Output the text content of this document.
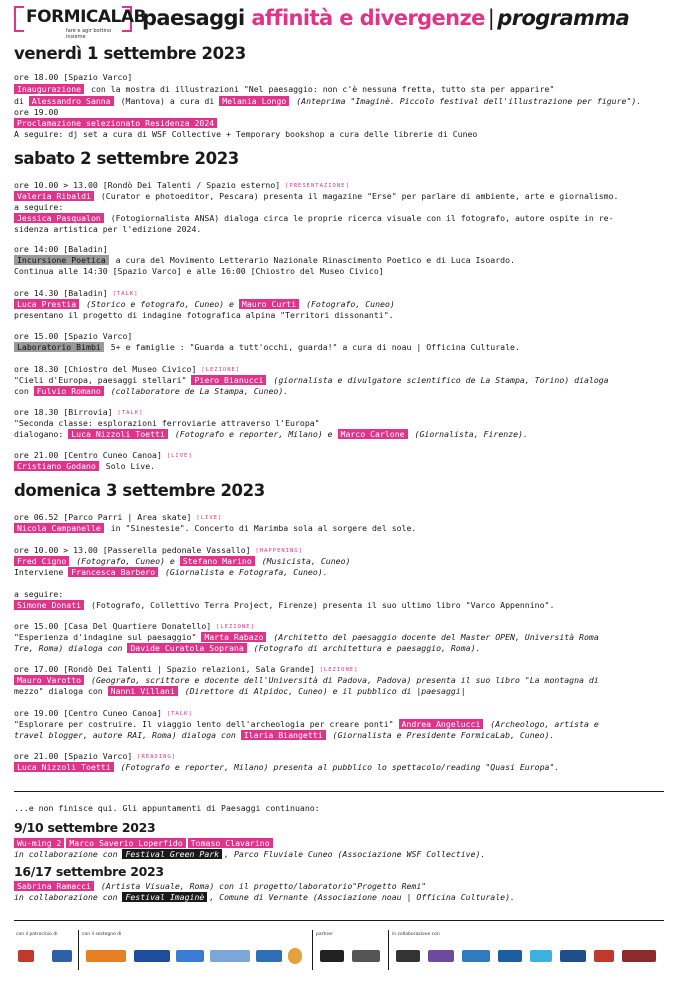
FORMICALAB
fare e agir bottino insieme
paesaggi affinità e divergenze | programma
venerdì 1 settembre 2023
ore 18.00 [Spazio Varco]
Inaugurazione con la mostra di illustrazioni "Nel paesaggio: non c'è nessuna fretta, tutto sta per apparire"
di Alessandro Sanna (Mantova) a cura di Melania Longo (Anteprima "Imaginè. Piccolo festival dell'illustrazione per figure").
ore 19.00
Proclamazione selezionato Residenza 2024
A seguire: dj set a cura di WSF Collective + Temporary bookshop a cura delle librerie di Cuneo
sabato 2 settembre 2023
ore 10.00 > 13.00 [Rondò Dei Talenti / Spazio esterno] [PRESENTAZIONE]
Valeria Ribaldi (Curator e photoeditor, Pescara) presenta il magazine "Erse" per parlare di ambiente, arte e giornalismo.
a seguire:
Jessica Pasqualon (Fotogiornalista ANSA) dialoga circa le proprie ricerca visuale con il fotografo, autore ospite in re-
sidenza artistica per l'edizione 2024.
ore 14:00 [Baladin]
Incursione Poetica a cura del Movimento Letterario Nazionale Rinascimento Poetico e di Luca Isoardo.
Continua alle 14:30 [Spazio Varco] e alle 16:00 [Chiostro del Museo Civico]
ore 14.30 [Baladin] [TALK]
Luca Prestia (Storico e fotografo, Cuneo) e Mauro Curti (Fotografo, Cuneo)
presentano il progetto di indagine fotografica alpina "Territori dissonanti".
ore 15.00 [Spazio Varco]
Laboratorio Bimbi 5+ e famiglie : "Guarda a tutt'occhi, guarda!" a cura di noau | Officina Culturale.
ore 18.30 [Chiostro del Museo Civico] [LEZIONE]
"Cieli d'Europa, paesaggi stellari" Piero Bianucci (giornalista e divulgatore scientifico de La Stampa, Torino) dialoga
con Fulvio Romano (collaboratore de La Stampa, Cuneo).
ore 18.30 [Birrovia] [TALK]
"Seconda classe: esplorazioni ferroviarie attraverso l'Europa"
dialogano: Luca Nizzoli Toetti (Fotografo e reporter, Milano) e Marco Carlone (Giornalista, Firenze).
ore 21.00 [Centro Cuneo Canoa] [LIVE]
Cristiano Godano Solo Live.
domenica 3 settembre 2023
ore 06.52 [Parco Parri | Area skate] [LIVE]
Nicola Campanelle in "Sinestesie". Concerto di Marimba sola al sorgere del sole.
ore 10.00 > 13.00 [Passerella pedonale Vassallo] [HAPPENING]
Fred Cigno (Fotografo, Cuneo) e Stefano Marino (Musicista, Cuneo)
Interviene Francesca Barbero (Giornalista e Fotografa, Cuneo).
a seguire:
Simone Donati (Fotografo, Collettivo Terra Project, Firenze) presenta il suo ultimo libro "Varco Appennino".
ore 15.00 [Casa Del Quartiere Donatello] [LEZIONE]
"Esperienza d'indagine sul paesaggio" Marta Rabazo (Architetto del paesaggio docente del Master OPEN, Università Roma
Tre, Roma) dialoga con Davide Curatola Soprana (Fotografo di architettura e paesaggio, Roma).
ore 17.00 [Rondò Dei Talenti | Spazio relazioni, Sala Grande] [LEZIONE]
Mauro Varotto (Geografo, scrittore e docente dell'Università di Padova, Padova) presenta il suo libro "La montagna di
mezzo" dialoga con Nanni Villani (Direttore di Alpidoc, Cuneo) e il pubblico di |paesaggi|
ore 19.00 [Centro Cuneo Canoa] [TALK]
"Esplorare per costruire. Il viaggio lento dell'archeologia per creare ponti" Andrea Angelucci (Archeologo, artista e
travel blogger, autore RAI, Roma) dialoga con Ilaria Biangetti (Giornalista e Presidente FormicaLab, Cuneo).
ore 21.00 [Spazio Varco] [READING]
Luca Nizzoli Toetti (Fotografo e reporter, Milano) presenta al pubblico lo spettacolo/reading "Quasi Europa".
...e non finisce qui. Gli appuntamenti di Paesaggi continuano:
9/10 settembre 2023
Wu-ming 2 Marco Saverio Loperfido Tomaso Clavarino
in collaborazione con Festival Green Park , Parco Fluviale Cuneo (Associazione WSF Collective).
16/17 settembre 2023
Sabrina Ramacci (Artista Visuale, Roma) con il progetto/laboratorio"Progetto Remi"
in collaborazione con Festival Imaginè , Comune di Vernante (Associazione noau | Officina Culturale).
con il patrocinio di	con il sostegno di	partner	in collaborazione con
